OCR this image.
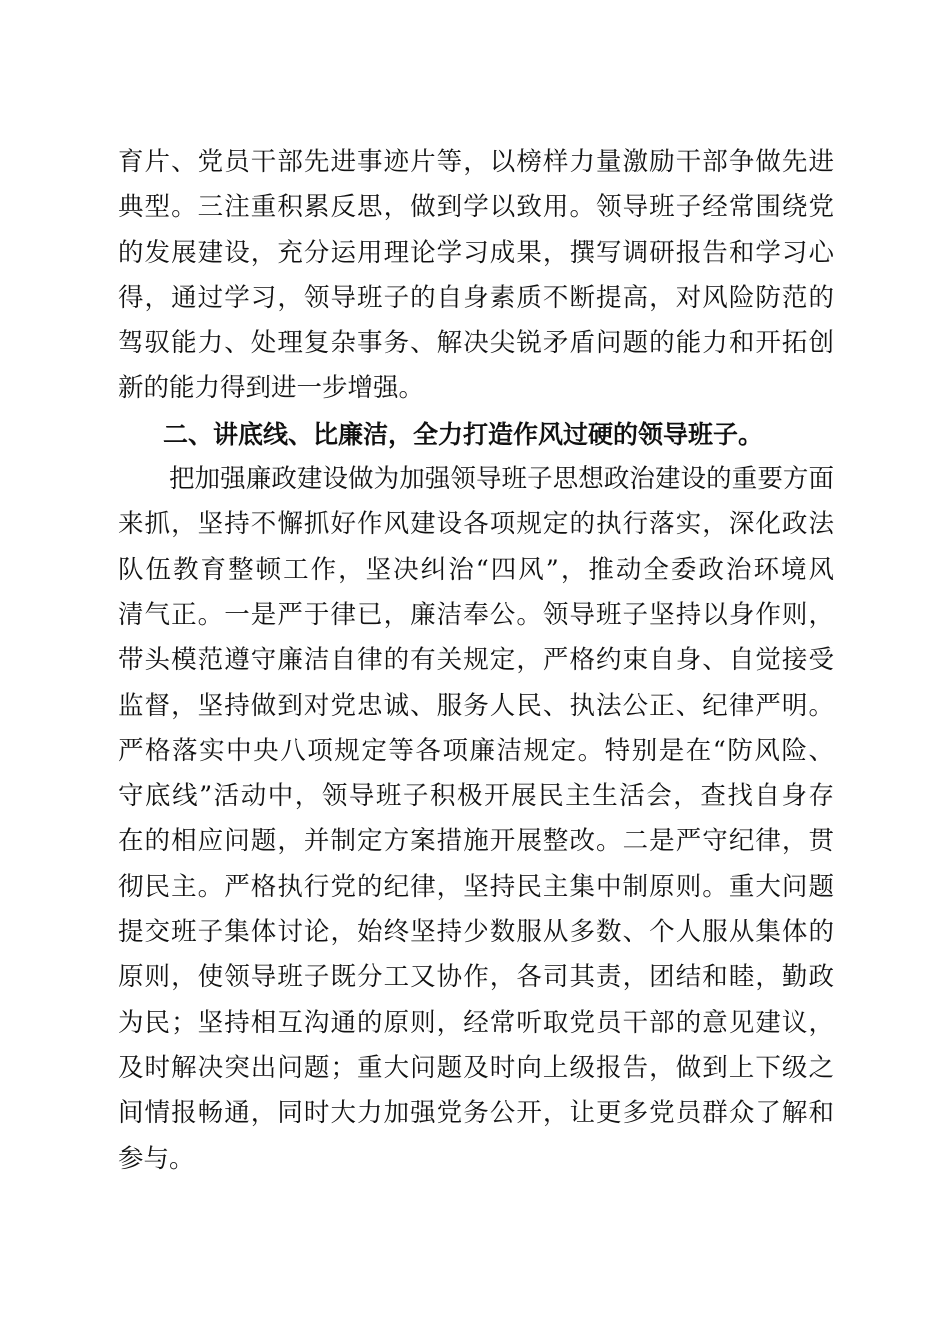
育片、党员干部先进事迹片等，以榜样力量激励干部争做先进
典型。三注重积累反思，做到学以致用。领导班子经常围绕党
的发展建设，充分运用理论学习成果，撰写调研报告和学习心
得，通过学习，领导班子的自身素质不断提高，对风险防范的
驾驭能力、处理复杂事务、解决尖锐矛盾问题的能力和开拓创
新的能力得到进一步增强。
二、讲底线、比廉洁，全力打造作风过硬的领导班子。
把加强廉政建设做为加强领导班子思想政治建设的重要方面
来抓，坚持不懈抓好作风建设各项规定的执行落实，深化政法
队伍教育整顿工作，坚决纠治“四风”，推动全委政治环境风
清气正。一是严于律已，廉洁奉公。领导班子坚持以身作则，
带头模范遵守廉洁自律的有关规定，严格约束自身、自觉接受
监督，坚持做到对党忠诚、服务人民、执法公正、纪律严明。
严格落实中央八项规定等各项廉洁规定。特别是在“防风险、
守底线”活动中，领导班子积极开展民主生活会，查找自身存
在的相应问题，并制定方案措施开展整改。二是严守纪律，贯
彻民主。严格执行党的纪律，坚持民主集中制原则。重大问题
提交班子集体讨论，始终坚持少数服从多数、个人服从集体的
原则，使领导班子既分工又协作，各司其责，团结和睦，勤政
为民；坚持相互沟通的原则，经常听取党员干部的意见建议，
及时解决突出问题；重大问题及时向上级报告，做到上下级之
间情报畅通，同时大力加强党务公开，让更多党员群众了解和
参与。
